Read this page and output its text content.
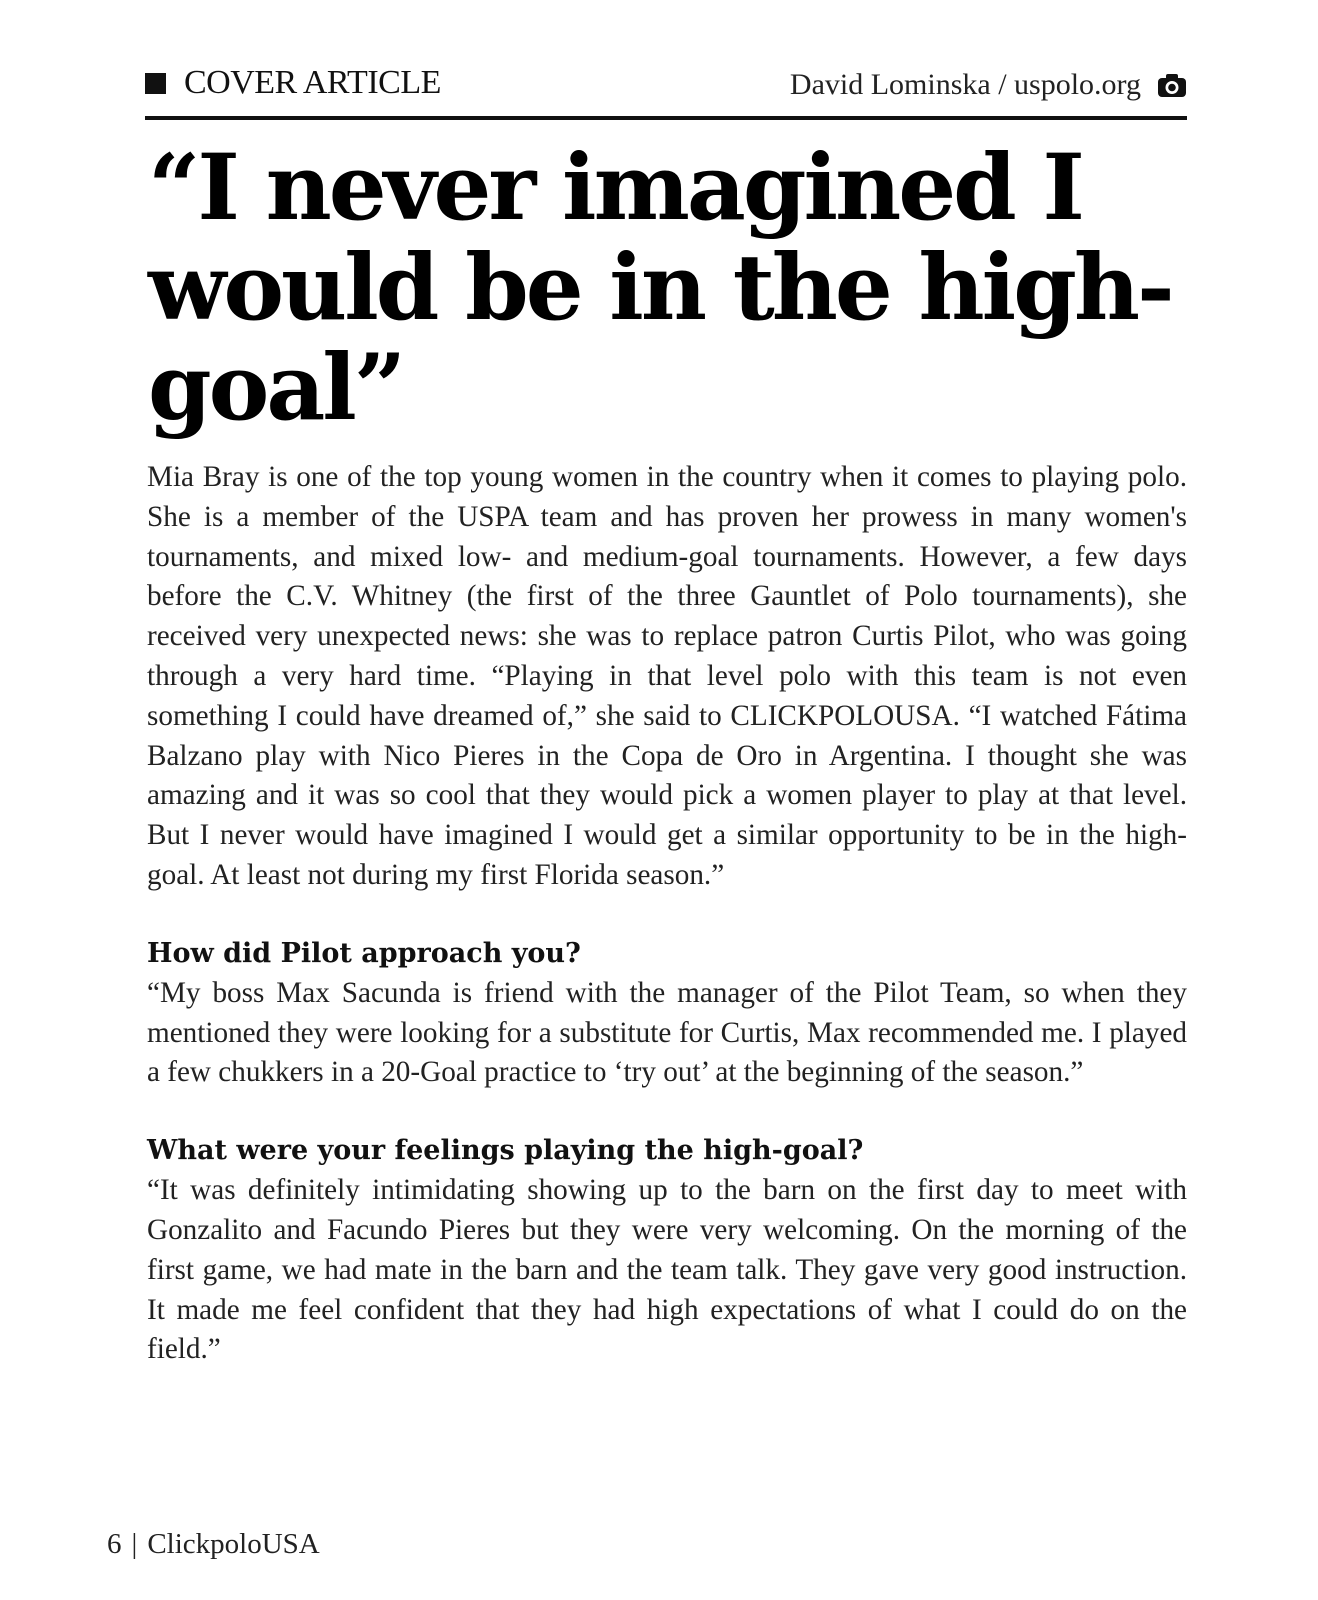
COVER ARTICLE	David Lominska / uspolo.org
“I never imagined I would be in the high-goal”

Mia Bray is one of the top young women in the country when it comes to playing polo. She is a member of the USPA team and has proven her prowess in many women's tournaments, and mixed low- and medium-goal tournaments. However, a few days before the C.V. Whitney (the first of the three Gauntlet of Polo tournaments), she received very unexpected news: she was to replace patron Curtis Pilot, who was going through a very hard time. “Playing in that level polo with this team is not even something I could have dreamed of,” she said to CLICKPOLOUSA. “I watched Fátima Balzano play with Nico Pieres in the Copa de Oro in Argentina. I thought she was amazing and it was so cool that they would pick a women player to play at that level. But I never would have imagined I would get a similar opportunity to be in the high-goal. At least not during my first Florida season.”

How did Pilot approach you?

“My boss Max Sacunda is friend with the manager of the Pilot Team, so when they mentioned they were looking for a substitute for Curtis, Max recommended me. I played a few chukkers in a 20-Goal practice to ‘try out’ at the beginning of the season.”

What were your feelings playing the high-goal?

“It was definitely intimidating showing up to the barn on the first day to meet with Gonzalito and Facundo Pieres but they were very welcoming. On the morning of the first game, we had mate in the barn and the team talk. They gave very good instruction. It made me feel confident that they had high expectations of what I could do on the field.”

6 | ClickpoloUSA
